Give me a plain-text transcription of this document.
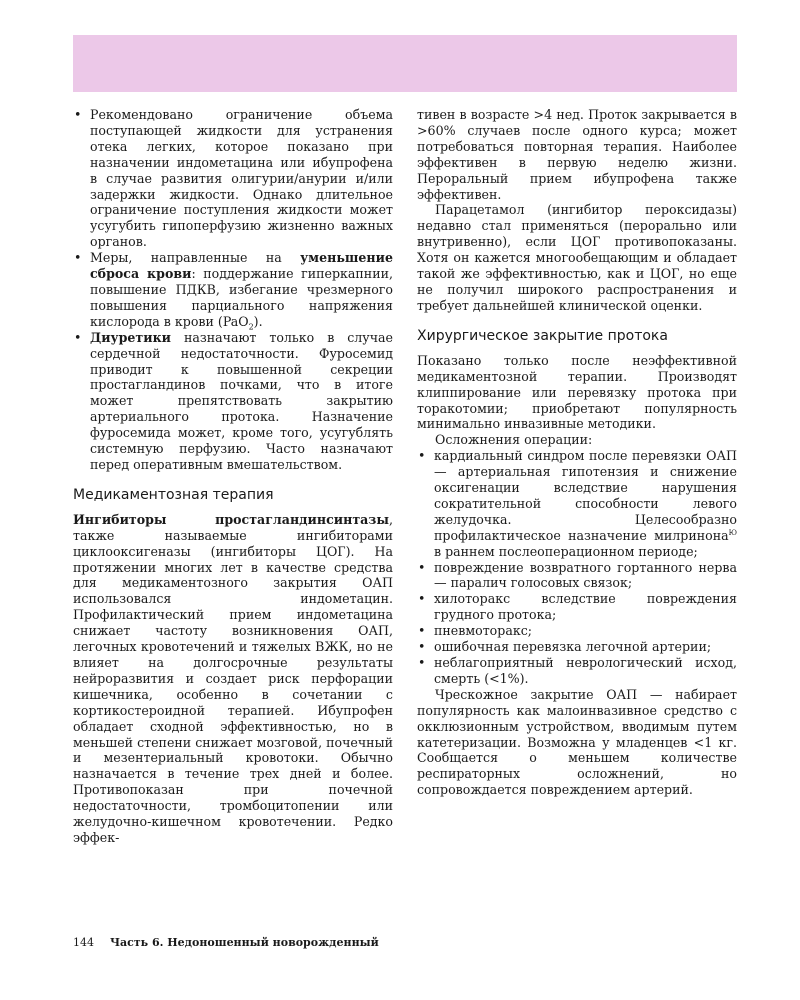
• Рекомендовано ограничение объема поступающей жидкости для устранения отека легких, которое показано при назначении индометацина или ибупрофена в случае развития олигурии/анурии и/или задержки жидкости. Однако длительное ограничение поступления жидкости может усугубить гипоперфузию жизненно важных органов.
• Меры, направленные на уменьшение сброса крови: поддержание гиперкапнии, повышение ПДКВ, избегание чрезмерного повышения парциального напряжения кислорода в крови (PaO$_2$).
• Диуретики назначают только в случае сердечной недостаточности. Фуросемид приводит к повышенной секреции простагландинов почками, что в итоге может препятствовать закрытию артериального протока. Назначение фуросемида может, кроме того, усугублять системную перфузию. Часто назначают перед оперативным вмешательством.
Медикаментозная терапия

Ингибиторы простагландинсинтазы, также называемые ингибиторами циклооксигеназы (ингибиторы ЦОГ). На протяжении многих лет в качестве средства для медикаментозного закрытия ОАП использовался индометацин. Профилактический прием индометацина снижает частоту возникновения ОАП, легочных кровотечений и тяжелых ВЖК, но не влияет на долгосрочные результаты нейроразвития и создает риск перфорации кишечника, особенно в сочетании с кортикостероидной терапией. Ибупрофен обладает сходной эффективностью, но в меньшей степени снижает мозговой, почечный и мезентериальный кровотоки. Обычно назначается в течение трех дней и более. Противопоказан при почечной недостаточности, тромбоцитопении или желудочно-кишечном кровотечении. Редко эффек-

тивен в возрасте >4 нед. Проток закрывается в >60% случаев после одного курса; может потребоваться повторная терапия. Наиболее эффективен в первую неделю жизни. Пероральный прием ибупрофена также эффективен.

Парацетамол (ингибитор пероксидазы) недавно стал применяться (перорально или внутривенно), если ЦОГ противопоказаны. Хотя он кажется многообещающим и обладает такой же эффективностью, как и ЦОГ, но еще не получил широкого распространения и требует дальнейшей клинической оценки.

Хирургическое закрытие протока

Показано только после неэффективной медикаментозной терапии. Производят клиппирование или перевязку протока при торакотомии; приобретают популярность минимально инвазивные методики.

Осложнения операции:

• кардиальный синдром после перевязки ОАП — артериальная гипотензия и снижение оксигенации вследствие нарушения сократительной способности левого желудочка. Целесообразно профилактическое назначение милринона$^Ю$ в раннем послеоперационном периоде;
• повреждение возвратного гортанного нерва — паралич голосовых связок;
• хилоторакс вследствие повреждения грудного протока;
• пневмоторакс;
• ошибочная перевязка легочной артерии;
• неблагоприятный неврологический исход, смерть (<1%).

Чрескожное закрытие ОАП — набирает популярность как малоинвазивное средство с окклюзионным устройством, вводимым путем катетеризации. Возможна у младенцев <1 кг. Сообщается о меньшем количестве респираторных осложнений, но сопровождается повреждением артерий.

144 Часть 6. Недоношенный новорожденный
